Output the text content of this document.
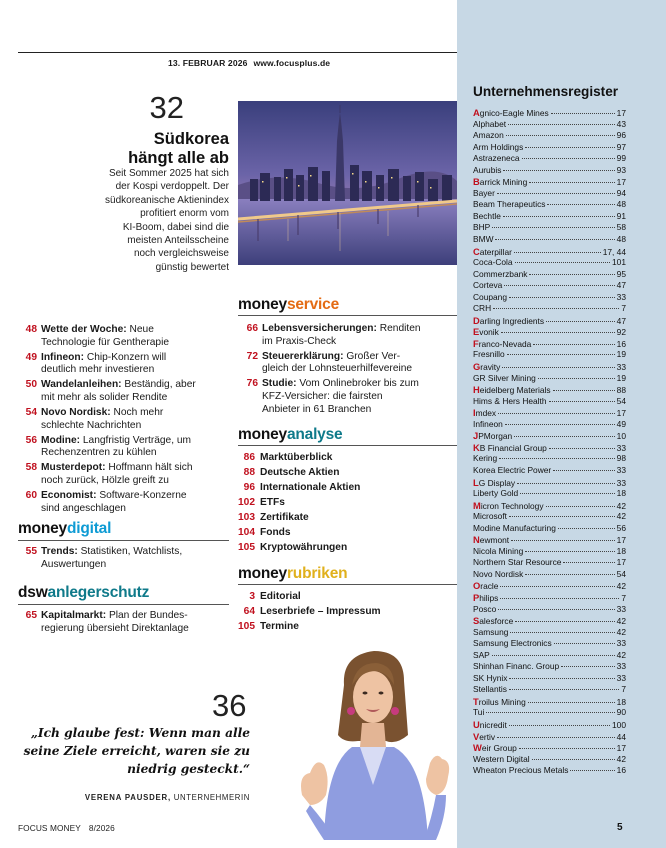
13. FEBRUAR 2026 www.focusplus.de
32
Südkorea
hängt alle ab
Seit Sommer 2025 hat sich
der Kospi verdoppelt. Der
südkoreanische Aktienindex
profitiert enorm vom
KI-Boom, dabei sind die
meisten Anteilsscheine
noch vergleichsweise
günstig bewertet
48 Wette der Woche: Neue
Technologie für Gentherapie
49 Infineon: Chip-Konzern will
deutlich mehr investieren
50 Wandelanleihen: Beständig, aber
mit mehr als solider Rendite
54 Novo Nordisk: Noch mehr
schlechte Nachrichten
56 Modine: Langfristig Verträge, um
Rechenzentren zu kühlen
58 Musterdepot: Hoffmann hält sich
noch zurück, Hölzle greift zu
60 Economist: Software-Konzerne
sind angeschlagen
moneyservice
moneyanalyse
moneyrubriken
moneydigital
dswanlegerschutz
36
„Ich glaube fest: Wenn man alle
seine Ziele erreicht, waren sie zu
niedrig gesteckt.“
VERENA PAUSDER, UNTERNEHMERIN
Unternehmensregister
Agnico-Eagle Mines	17
Alphabet	43
Amazon	96
Arm Holdings	97
Astrazeneca	99
Aurubis	93
Barrick Mining	17
Bayer	94
Beam Therapeutics	48
Bechtle	91
BHP	58
BMW	48
Caterpillar	17, 44
Coca-Cola	101
Commerzbank	95
Corteva	47
Coupang	33
CRH	7
Darling Ingredients	47
Evonik	92
Franco-Nevada	16
Fresnillo	19
Gravity	33
GR Silver Mining	19
Heidelberg Materials	88
Hims & Hers Health	54
Imdex	17
Infineon	49
JPMorgan	10
KB Financial Group	33
Kering	98
Korea Electric Power	33
LG Display	33
Liberty Gold	18
Micron Technology	42
Microsoft	42
Modine Manufacturing	56
Newmont	17
Nicola Mining	18
Northern Star Resource	17
Novo Nordisk	54
Oracle	42
Philips	7
Posco	33
Salesforce	42
Samsung	42
Samsung Electronics	33
SAP	42
Shinhan Financ. Group	33
SK Hynix	33
Stellantis	7
Troilus Mining	18
Tui	90
Unicredit	100
Vertiv	44
Weir Group	17
Western Digital	42
Wheaton Precious Metals	16
FOCUS MONEY 8/2026	5
55 Trends: Statistiken, Watchlists,
Auswertungen
65 Kapitalmarkt: Plan der Bundes-
regierung übersieht Direktanlage
66 Lebensversicherungen: Renditen
im Praxis-Check
72 Steuererklärung: Großer Ver-
gleich der Lohnsteuerhilfevereine
76 Studie: Vom Onlinebroker bis zum
KFZ-Versicher: die fairsten
Anbieter in 61 Branchen
86 Marktüberblick
88 Deutsche Aktien
96 Internationale Aktien
102 ETFs
103 Zertifikate
104 Fonds
105 Kryptowährungen
3 Editorial
64 Leserbriefe – Impressum
105 Termine
